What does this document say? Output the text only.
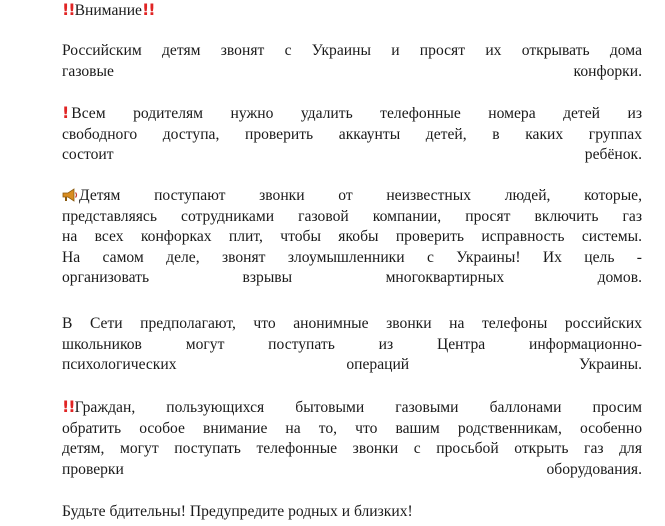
!!Внимание!!
Российским детям звонят с Украины и просят их открывать дома
газовые конфорки.
! Всем родителям нужно удалить телефонные номера детей из
свободного доступа, проверить аккаунты детей, в каких группах
состоит ребёнок.
Детям поступают звонки от неизвестных людей, которые,
представляясь сотрудниками газовой компании, просят включить газ
на всех конфорках плит, чтобы якобы проверить исправность системы.
На самом деле, звонят злоумышленники с Украины! Их цель -
организовать взрывы многоквартирных домов.
В Сети предполагают, что анонимные звонки на телефоны российских
школьников могут поступать из Центра информационно-
психологических операций Украины.
!!Граждан, пользующихся бытовыми газовыми баллонами просим
обратить особое внимание на то, что вашим родственникам, особенно
детям, могут поступать телефонные звонки с просьбой открыть газ для
проверки оборудования.
Будьте бдительны! Предупредите родных и близких!
